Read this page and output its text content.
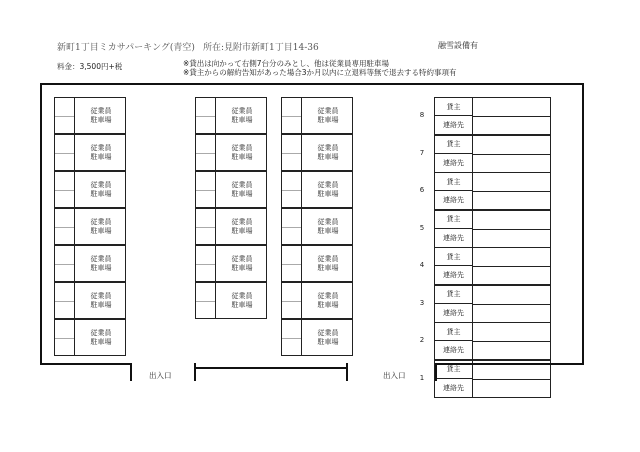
新町1丁目ミカサパーキング(青空) 所在:見附市新町1丁目14-36	融雪設備有
料金：3,500円+税	※貸出は向かって右側7台分のみとし、他は従業員専用駐車場
※貸主からの解約告知があった場合3か月以内に立退料等無で退去する特約事項有
従業員
駐車場
従業員
駐車場
従業員
駐車場
従業員
駐車場
従業員
駐車場
従業員
駐車場
従業員
駐車場
従業員
駐車場
従業員
駐車場
従業員
駐車場
従業員
駐車場
従業員
駐車場
従業員
駐車場
従業員
駐車場
従業員
駐車場
従業員
駐車場
従業員
駐車場
従業員
駐車場
従業員
駐車場
従業員
駐車場
貸主
連絡先
8
貸主
連絡先
7
貸主
連絡先
6
貸主
連絡先
5
貸主
連絡先
4
貸主
連絡先
3
貸主
連絡先
2
貸主
連絡先
1
出入口	出入口
